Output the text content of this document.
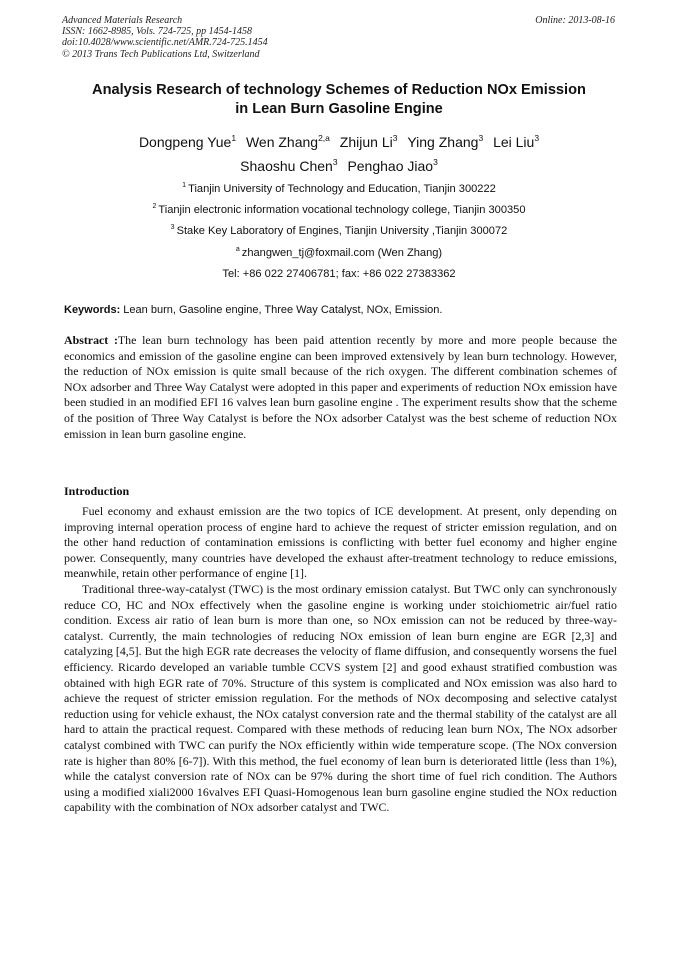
Advanced Materials Research
ISSN: 1662-8985, Vols. 724-725, pp 1454-1458
doi:10.4028/www.scientific.net/AMR.724-725.1454
© 2013 Trans Tech Publications Ltd, Switzerland
Online: 2013-08-16
Analysis Research of technology Schemes of Reduction NOx Emission
in Lean Burn Gasoline Engine
Dongpeng Yue$^1$ Wen Zhang$^{2,a}$ Zhijun Li$^3$ Ying Zhang$^3$ Lei Liu$^3$
Shaoshu Chen$^3$ Penghao Jiao$^3$
$^1$ Tianjin University of Technology and Education, Tianjin 300222
$^2$ Tianjin electronic information vocational technology college, Tianjin 300350
$^3$ Stake Key Laboratory of Engines, Tianjin University ,Tianjin 300072
$^a$ zhangwen_tj@foxmail.com (Wen Zhang)
Tel: +86 022 27406781; fax: +86 022 27383362
Keywords: Lean burn, Gasoline engine, Three Way Catalyst, NOx, Emission.
Abstract :The lean burn technology has been paid attention recently by more and more people because the economics and emission of the gasoline engine can been improved extensively by lean burn technology. However, the reduction of NOx emission is quite small because of the rich oxygen. The different combination schemes of NOx adsorber and Three Way Catalyst were adopted in this paper and experiments of reduction NOx emission have been studied in an modified EFI 16 valves lean burn gasoline engine . The experiment results show that the scheme of the position of Three Way Catalyst is before the NOx adsorber Catalyst was the best scheme of reduction NOx emission in lean burn gasoline engine.
Introduction

Fuel economy and exhaust emission are the two topics of ICE development. At present, only depending on improving internal operation process of engine hard to achieve the request of stricter emission regulation, and on the other hand reduction of contamination emissions is conflicting with better fuel economy and higher engine power. Consequently, many countries have developed the exhaust after-treatment technology to reduce emissions, meanwhile, retain other performance of engine [1].

Traditional three-way-catalyst (TWC) is the most ordinary emission catalyst. But TWC only can synchronously reduce CO, HC and NOx effectively when the gasoline engine is working under stoichiometric air/fuel ratio condition. Excess air ratio of lean burn is more than one, so NOx emission can not be reduced by three-way-catalyst. Currently, the main technologies of reducing NOx emission of lean burn engine are EGR [2,3] and catalyzing [4,5]. But the high EGR rate decreases the velocity of flame diffusion, and consequently worsens the fuel efficiency. Ricardo developed an variable tumble CCVS system [2] and good exhaust stratified combustion was obtained with high EGR rate of 70%. Structure of this system is complicated and NOx emission was also hard to achieve the request of stricter emission regulation. For the methods of NOx decomposing and selective catalyst reduction using for vehicle exhaust, the NOx catalyst conversion rate and the thermal stability of the catalyst are all hard to attain the practical request. Compared with these methods of reducing lean burn NOx, The NOx adsorber catalyst combined with TWC can purify the NOx efficiently within wide temperature scope. (The NOx conversion rate is higher than 80% [6-7]). With this method, the fuel economy of lean burn is deteriorated little (less than 1%), while the catalyst conversion rate of NOx can be 97% during the short time of fuel rich condition. The Authors using a modified xiali2000 16valves EFI Quasi-Homogenous lean burn gasoline engine studied the NOx reduction capability with the combination of NOx adsorber catalyst and TWC.
